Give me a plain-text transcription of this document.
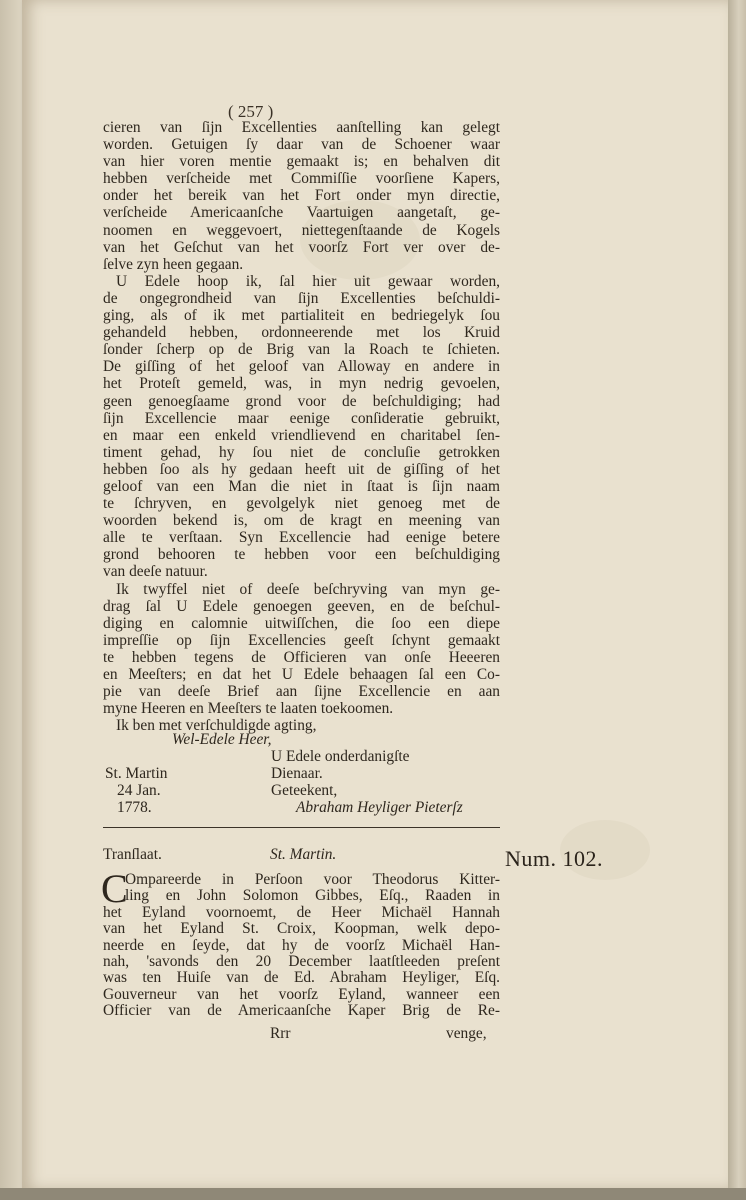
( 257 )
cieren van ſijn Excellenties aanſtelling kan gelegt
worden. Getuigen ſy daar van de Schoener waar
van hier voren mentie gemaakt is; en behalven dit
hebben verſcheide met Commiſſie voorſiene Kapers,
onder het bereik van het Fort onder myn directie,
verſcheide Americaanſche Vaartuigen aangetaſt, ge-
noomen en weggevoert, niettegenſtaande de Kogels
van het Geſchut van het voorſz Fort ver over de-
ſelve zyn heen gegaan.
U Edele hoop ik, ſal hier uit gewaar worden,
de ongegrondheid van ſijn Excellenties beſchuldi-
ging, als of ik met partialiteit en bedriegelyk ſou
gehandeld hebben, ordonneerende met los Kruid
ſonder ſcherp op de Brig van la Roach te ſchieten.
De giſſing of het geloof van Alloway en andere in
het Proteſt gemeld, was, in myn nedrig gevoelen,
geen genoegſaame grond voor de beſchuldiging; had
ſijn Excellencie maar eenige conſideratie gebruikt,
en maar een enkeld vriendlievend en charitabel ſen-
timent gehad, hy ſou niet de concluſie getrokken
hebben ſoo als hy gedaan heeft uit de giſſing of het
geloof van een Man die niet in ſtaat is ſijn naam
te ſchryven, en gevolgelyk niet genoeg met de
woorden bekend is, om de kragt en meening van
alle te verſtaan. Syn Excellencie had eenige betere
grond behooren te hebben voor een beſchuldiging
van deeſe natuur.
Ik twyffel niet of deeſe beſchryving van myn ge-
drag ſal U Edele genoegen geeven, en de beſchul-
diging en calomnie uitwiſſchen, die ſoo een diepe
impreſſie op ſijn Excellencies geeſt ſchynt gemaakt
te hebben tegens de Officieren van onſe Heeeren
en Meeſters; en dat het U Edele behaagen ſal een Co-
pie van deeſe Brief aan ſijne Excellencie en aan
myne Heeren en Meeſters te laaten toekoomen.
Ik ben met verſchuldigde agting,
Wel-Edele Heer,
U Edele onderdanigſte
St. Martin	Dienaar.
24 Jan.	Geteekent,
1778.	Abraham Heyliger Pieterſz
Tranſlaat.	St. Martin.	Num. 102.
C
Ompareerde in Perſoon voor Theodorus Kitter-
ling en John Solomon Gibbes, Eſq., Raaden in
het Eyland voornoemt, de Heer Michaël Hannah
van het Eyland St. Croix, Koopman, welk depo-
neerde en ſeyde, dat hy de voorſz Michaël Han-
nah, 'savonds den 20 December laatſtleeden preſent
was ten Huiſe van de Ed. Abraham Heyliger, Eſq.
Gouverneur van het voorſz Eyland, wanneer een
Officier van de Americaanſche Kaper Brig de Re-
Rrr	venge,
